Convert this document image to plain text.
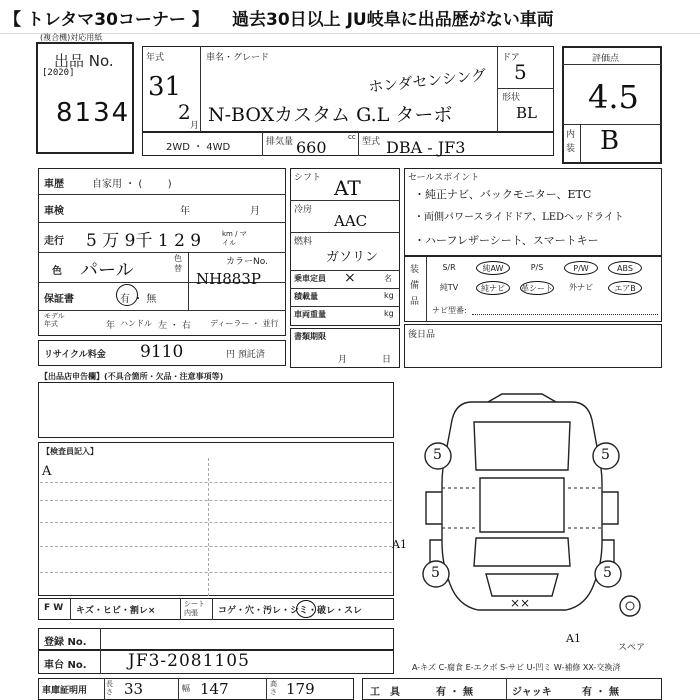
【 トレタマ30コーナー 】 過去30日以上 JU岐阜に出品歴がない車両
(複合機)対応用紙
出品 No.
[2020]
8134
年式
31
2
月
車名・グレード
ホンダセンシング
N-BOXカスタム G.L ターボ
ドア
5
形状
BL
評価点
4.5
内装 B
2WD ・ 4WD	排気量 660
cc 型式 DBA - JF3
車歴	自家用 ・ (        )
車検	年	月
走行 5 万 9千 1 2 9	km / マイル
色 パール
色替
カラーNo.
NH883P
保証書	有 ・ 無
モデル年式	年 ハンドル 左 ・ 右 ディーラー ・ 並行
リサイクル料金 9110	円 預託済
シフト AT
冷房
AAC
燃料
ガソリン
乗車定員 ×	名
積載量	kg
車両重量	kg
書類期限
月	日
セールスポイント
・純正ナビ、バックモニター、ETC
・両側パワースライドドア、LEDヘッドライト
・ハーフレザーシート、スマートキー
装備品
S/R	純AW	P/S	P/W	ABS
純TV	純ナビ	革シート	外ナビ	エアB
ナビ型番:
後日品
【出品店申告欄】(不具合箇所・欠品・注意事項等)
【検査員記入】
A
5	5
5	5
A1
××
A1
スペア
F W キズ・ヒビ・割レ×
シート内張	コゲ・穴・汚レ・シミ・破レ・スレ
登録 No.
車台 No. JF3-2081105	A-キズ C-腐食 E-エクボ S-サビ U-凹ミ W-補修 XX-交換済
車庫証明用
長さ 33	幅 147	高さ 179	工　具	有 ・ 無	ジャッキ	有 ・ 無
